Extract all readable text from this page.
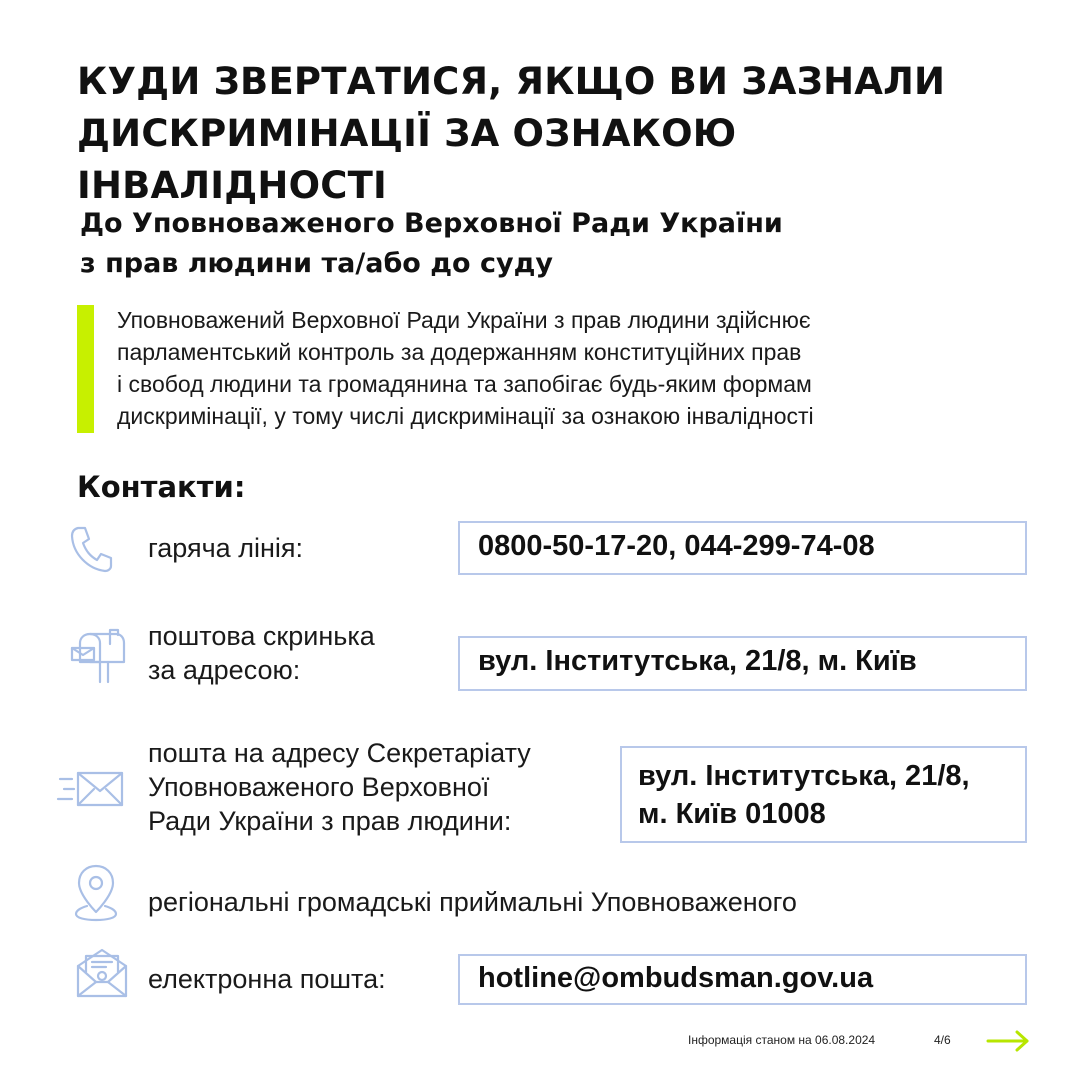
КУДИ ЗВЕРТАТИСЯ, ЯКЩО ВИ ЗАЗНАЛИ
ДИСКРИМІНАЦІЇ ЗА ОЗНАКОЮ ІНВАЛІДНОСТІ
До Уповноваженого Верховної Ради України
з прав людини та/або до суду
Уповноважений Верховної Ради України з прав людини здійснює
парламентський контроль за додержанням конституційних прав
і свобод людини та громадянина та запобігає будь-яким формам
дискримінації, у тому числі дискримінації за ознакою інвалідності
Контакти:
гаряча лінія:	0800-50-17-20, 044-299-74-08
поштова скринька
за адресою:	вул. Інститутська, 21/8, м. Київ
пошта на адресу Секретаріату
Уповноваженого Верховної
Ради України з прав людини:
вул. Інститутська, 21/8,
м. Київ 01008
регіональні громадські приймальні Уповноваженого
електронна пошта:	hotline@ombudsman.gov.ua
Інформація станом на 06.08.2024	4/6
